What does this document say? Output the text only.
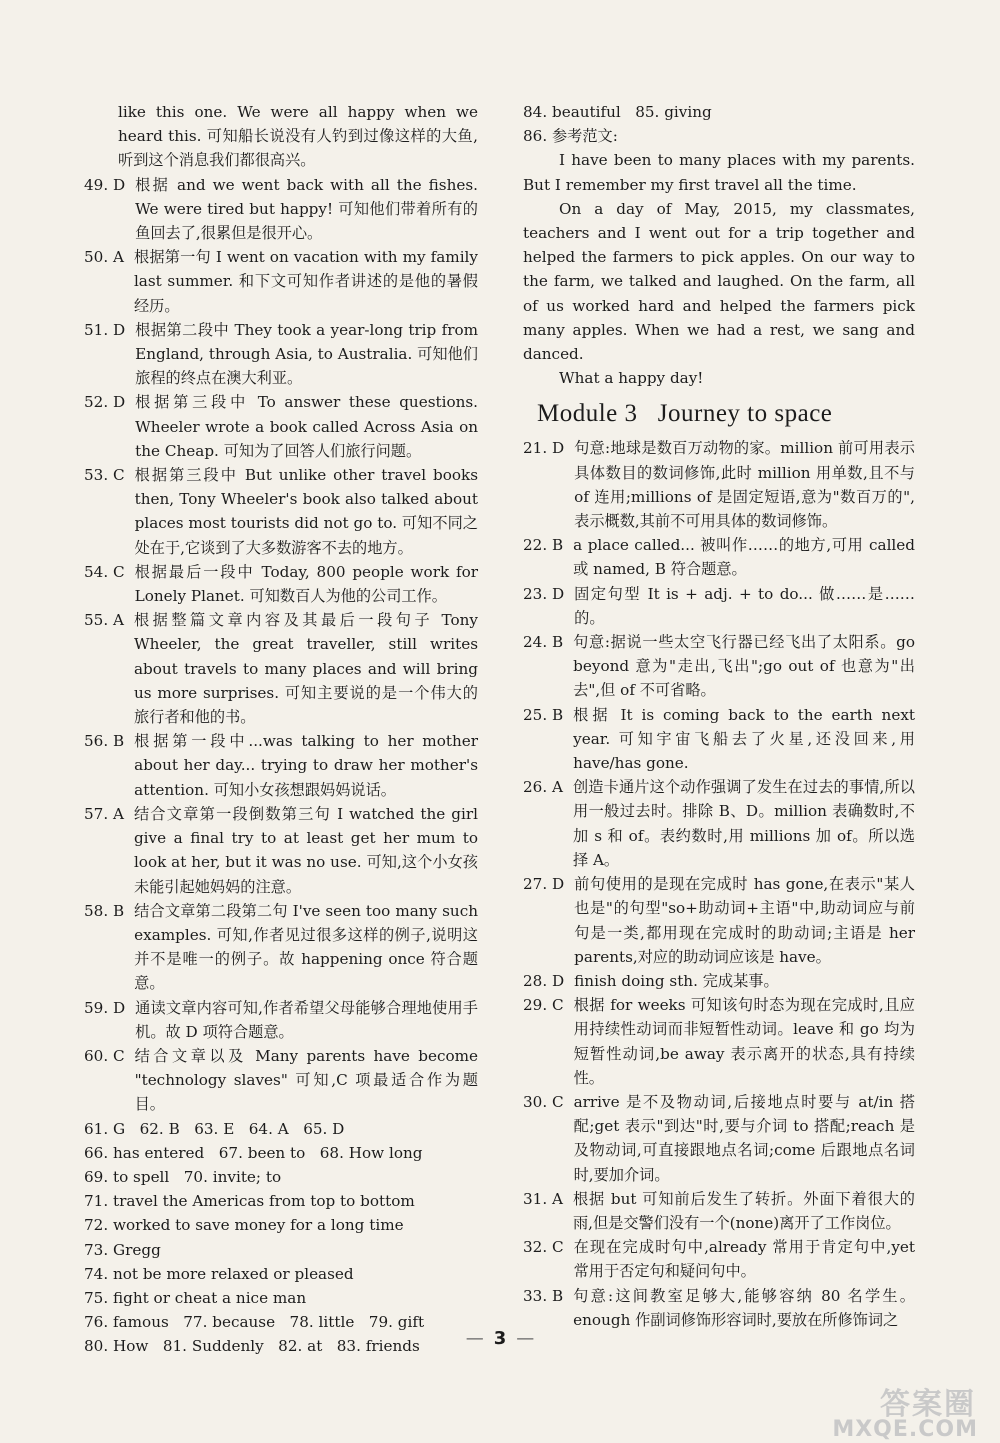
like this one. We were all happy when we heard this. 可知船长说没有人钓到过像这样的大鱼,听到这个消息我们都很高兴。
49. D 根据 and we went back with all the fishes. We were tired but happy! 可知他们带着所有的鱼回去了,很累但是很开心。
50. A 根据第一句 I went on vacation with my family last summer. 和下文可知作者讲述的是他的暑假经历。
51. D 根据第二段中 They took a year-long trip from England, through Asia, to Australia. 可知他们旅程的终点在澳大利亚。
52. D 根据第三段中 To answer these questions. Wheeler wrote a book called Across Asia on the Cheap. 可知为了回答人们旅行问题。
53. C 根据第三段中 But unlike other travel books then, Tony Wheeler's book also talked about places most tourists did not go to. 可知不同之处在于,它谈到了大多数游客不去的地方。
54. C 根据最后一段中 Today, 800 people work for Lonely Planet. 可知数百人为他的公司工作。
55. A 根据整篇文章内容及其最后一段句子 Tony Wheeler, the great traveller, still writes about travels to many places and will bring us more surprises. 可知主要说的是一个伟大的旅行者和他的书。
56. B 根据第一段中...was talking to her mother about her day... trying to draw her mother's attention. 可知小女孩想跟妈妈说话。
57. A 结合文章第一段倒数第三句 I watched the girl give a final try to at least get her mum to look at her, but it was no use. 可知,这个小女孩未能引起她妈妈的注意。
58. B 结合文章第二段第二句 I've seen too many such examples. 可知,作者见过很多这样的例子,说明这并不是唯一的例子。故 happening once 符合题意。
59. D 通读文章内容可知,作者希望父母能够合理地使用手机。故 D 项符合题意。
60. C 结合文章以及 Many parents have become "technology slaves" 可知,C 项最适合作为题目。
61. G   62. B   63. E   64. A   65. D
66. has entered   67. been to   68. How long
69. to spell   70. invite; to
71. travel the Americas from top to bottom
72. worked to save money for a long time
73. Gregg
74. not be more relaxed or pleased
75. fight or cheat a nice man
76. famous   77. because   78. little   79. gift
80. How   81. Suddenly   82. at   83. friends
84. beautiful   85. giving
86. 参考范文:
I have been to many places with my parents. But I remember my first travel all the time.
On a day of May, 2015, my classmates, teachers and I went out for a trip together and helped the farmers to pick apples. On our way to the farm, we talked and laughed. On the farm, all of us worked hard and helped the farmers pick many apples. When we had a rest, we sang and danced.
What a happy day!
Module 3   Journey to space
21. D 句意:地球是数百万动物的家。million 前可用表示具体数目的数词修饰,此时 million 用单数,且不与 of 连用;millions of 是固定短语,意为"数百万的",表示概数,其前不可用具体的数词修饰。
22. B a place called... 被叫作……的地方,可用 called 或 named, B 符合题意。
23. D 固定句型 It is + adj. + to do... 做……是……的。
24. B 句意:据说一些太空飞行器已经飞出了太阳系。go beyond 意为"走出,飞出";go out of 也意为"出去",但 of 不可省略。
25. B 根据 It is coming back to the earth next year. 可知宇宙飞船去了火星,还没回来,用 have/has gone.
26. A 创造卡通片这个动作强调了发生在过去的事情,所以用一般过去时。排除 B、D。million 表确数时,不加 s 和 of。表约数时,用 millions 加 of。所以选择 A。
27. D 前句使用的是现在完成时 has gone,在表示"某人也是"的句型"so+助动词+主语"中,助动词应与前句是一类,都用现在完成时的助动词;主语是 her parents,对应的助动词应该是 have。
28. D finish doing sth. 完成某事。
29. C 根据 for weeks 可知该句时态为现在完成时,且应用持续性动词而非短暂性动词。leave 和 go 均为短暂性动词,be away 表示离开的状态,具有持续性。
30. C arrive 是不及物动词,后接地点时要与 at/in 搭配;get 表示"到达"时,要与介词 to 搭配;reach 是及物动词,可直接跟地点名词;come 后跟地点名词时,要加介词。
31. A 根据 but 可知前后发生了转折。外面下着很大的雨,但是交警们没有一个(none)离开了工作岗位。
32. C 在现在完成时句中,already 常用于肯定句中,yet 常用于否定句和疑问句中。
33. B 句意:这间教室足够大,能够容纳 80 名学生。enough 作副词修饰形容词时,要放在所修饰词之
— 3 —
答案圈
MXQE.COM
